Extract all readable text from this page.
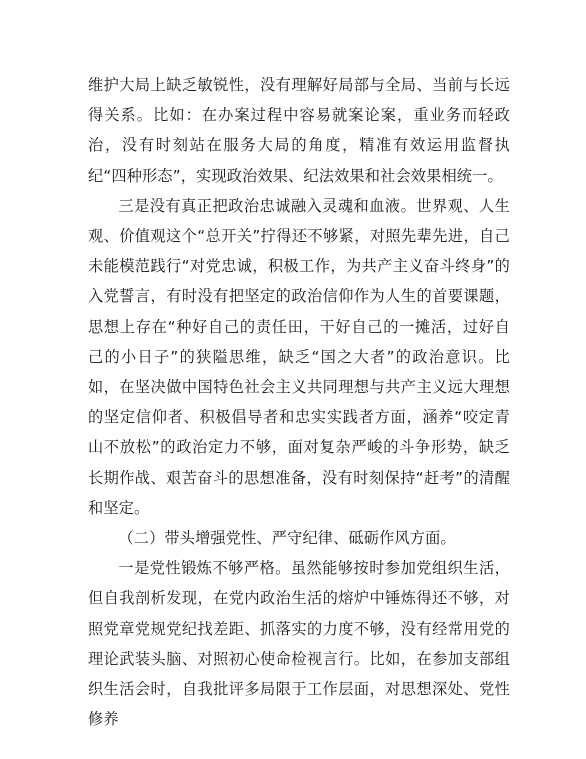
维护大局上缺乏敏锐性，没有理解好局部与全局、当前与长远得关系。比如：在办案过程中容易就案论案，重业务而轻政治，没有时刻站在服务大局的角度，精准有效运用监督执纪“四种形态”，实现政治效果、纪法效果和社会效果相统一。

三是没有真正把政治忠诚融入灵魂和血液。世界观、人生观、价值观这个“总开关”拧得还不够紧，对照先辈先进，自己未能模范践行“对党忠诚，积极工作，为共产主义奋斗终身”的入党誓言，有时没有把坚定的政治信仰作为人生的首要课题，思想上存在“种好自己的责任田，干好自己的一摊活，过好自己的小日子”的狭隘思维，缺乏“国之大者”的政治意识。比如，在坚决做中国特色社会主义共同理想与共产主义远大理想的坚定信仰者、积极倡导者和忠实实践者方面，涵养“咬定青山不放松”的政治定力不够，面对复杂严峻的斗争形势，缺乏长期作战、艰苦奋斗的思想准备，没有时刻保持“赶考”的清醒和坚定。

（二）带头增强党性、严守纪律、砥砺作风方面。

一是党性锻炼不够严格。虽然能够按时参加党组织生活，但自我剖析发现，在党内政治生活的熔炉中锤炼得还不够，对照党章党规党纪找差距、抓落实的力度不够，没有经常用党的理论武装头脑、对照初心使命检视言行。比如，在参加支部组织生活会时，自我批评多局限于工作层面，对思想深处、党性修养
